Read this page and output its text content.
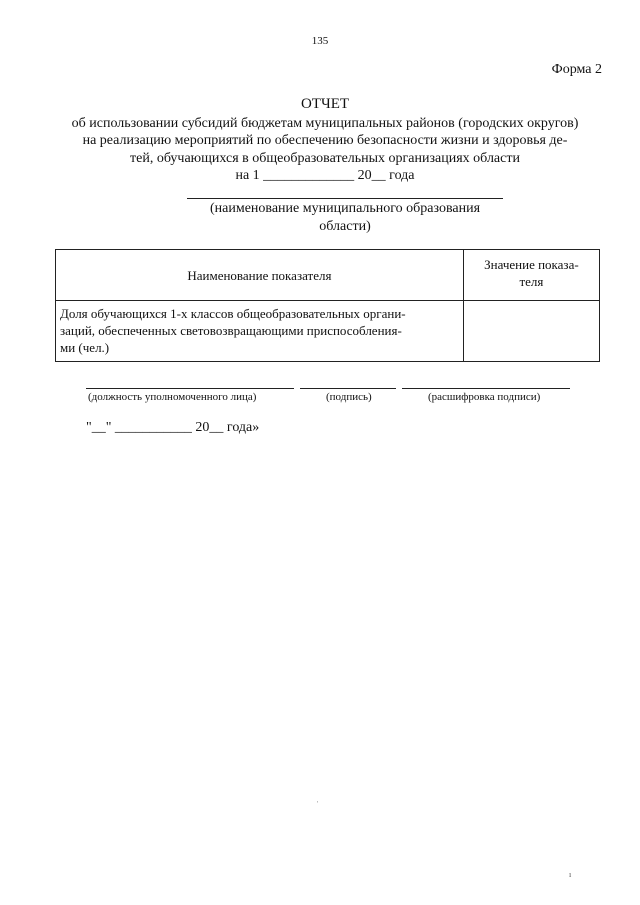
135
Форма 2
ОТЧЕТ
об использовании субсидий бюджетам муниципальных районов (городских округов)
на реализацию мероприятий по обеспечению безопасности жизни и здоровья де-
тей, обучающихся в общеобразовательных организациях области
на 1 _____________ 20__ года
(наименование муниципального образования
области)
Наименование показателя	Значение показа-
теля

Доля обучающихся 1-х классов общеобразовательных органи-
заций, обеспеченных световозвращающими приспособления-
ми (чел.)	

(должность уполномоченного лица)	(подпись)	(расшифровка подписи)
"__" ___________ 20__ года»
ˈ
ı
